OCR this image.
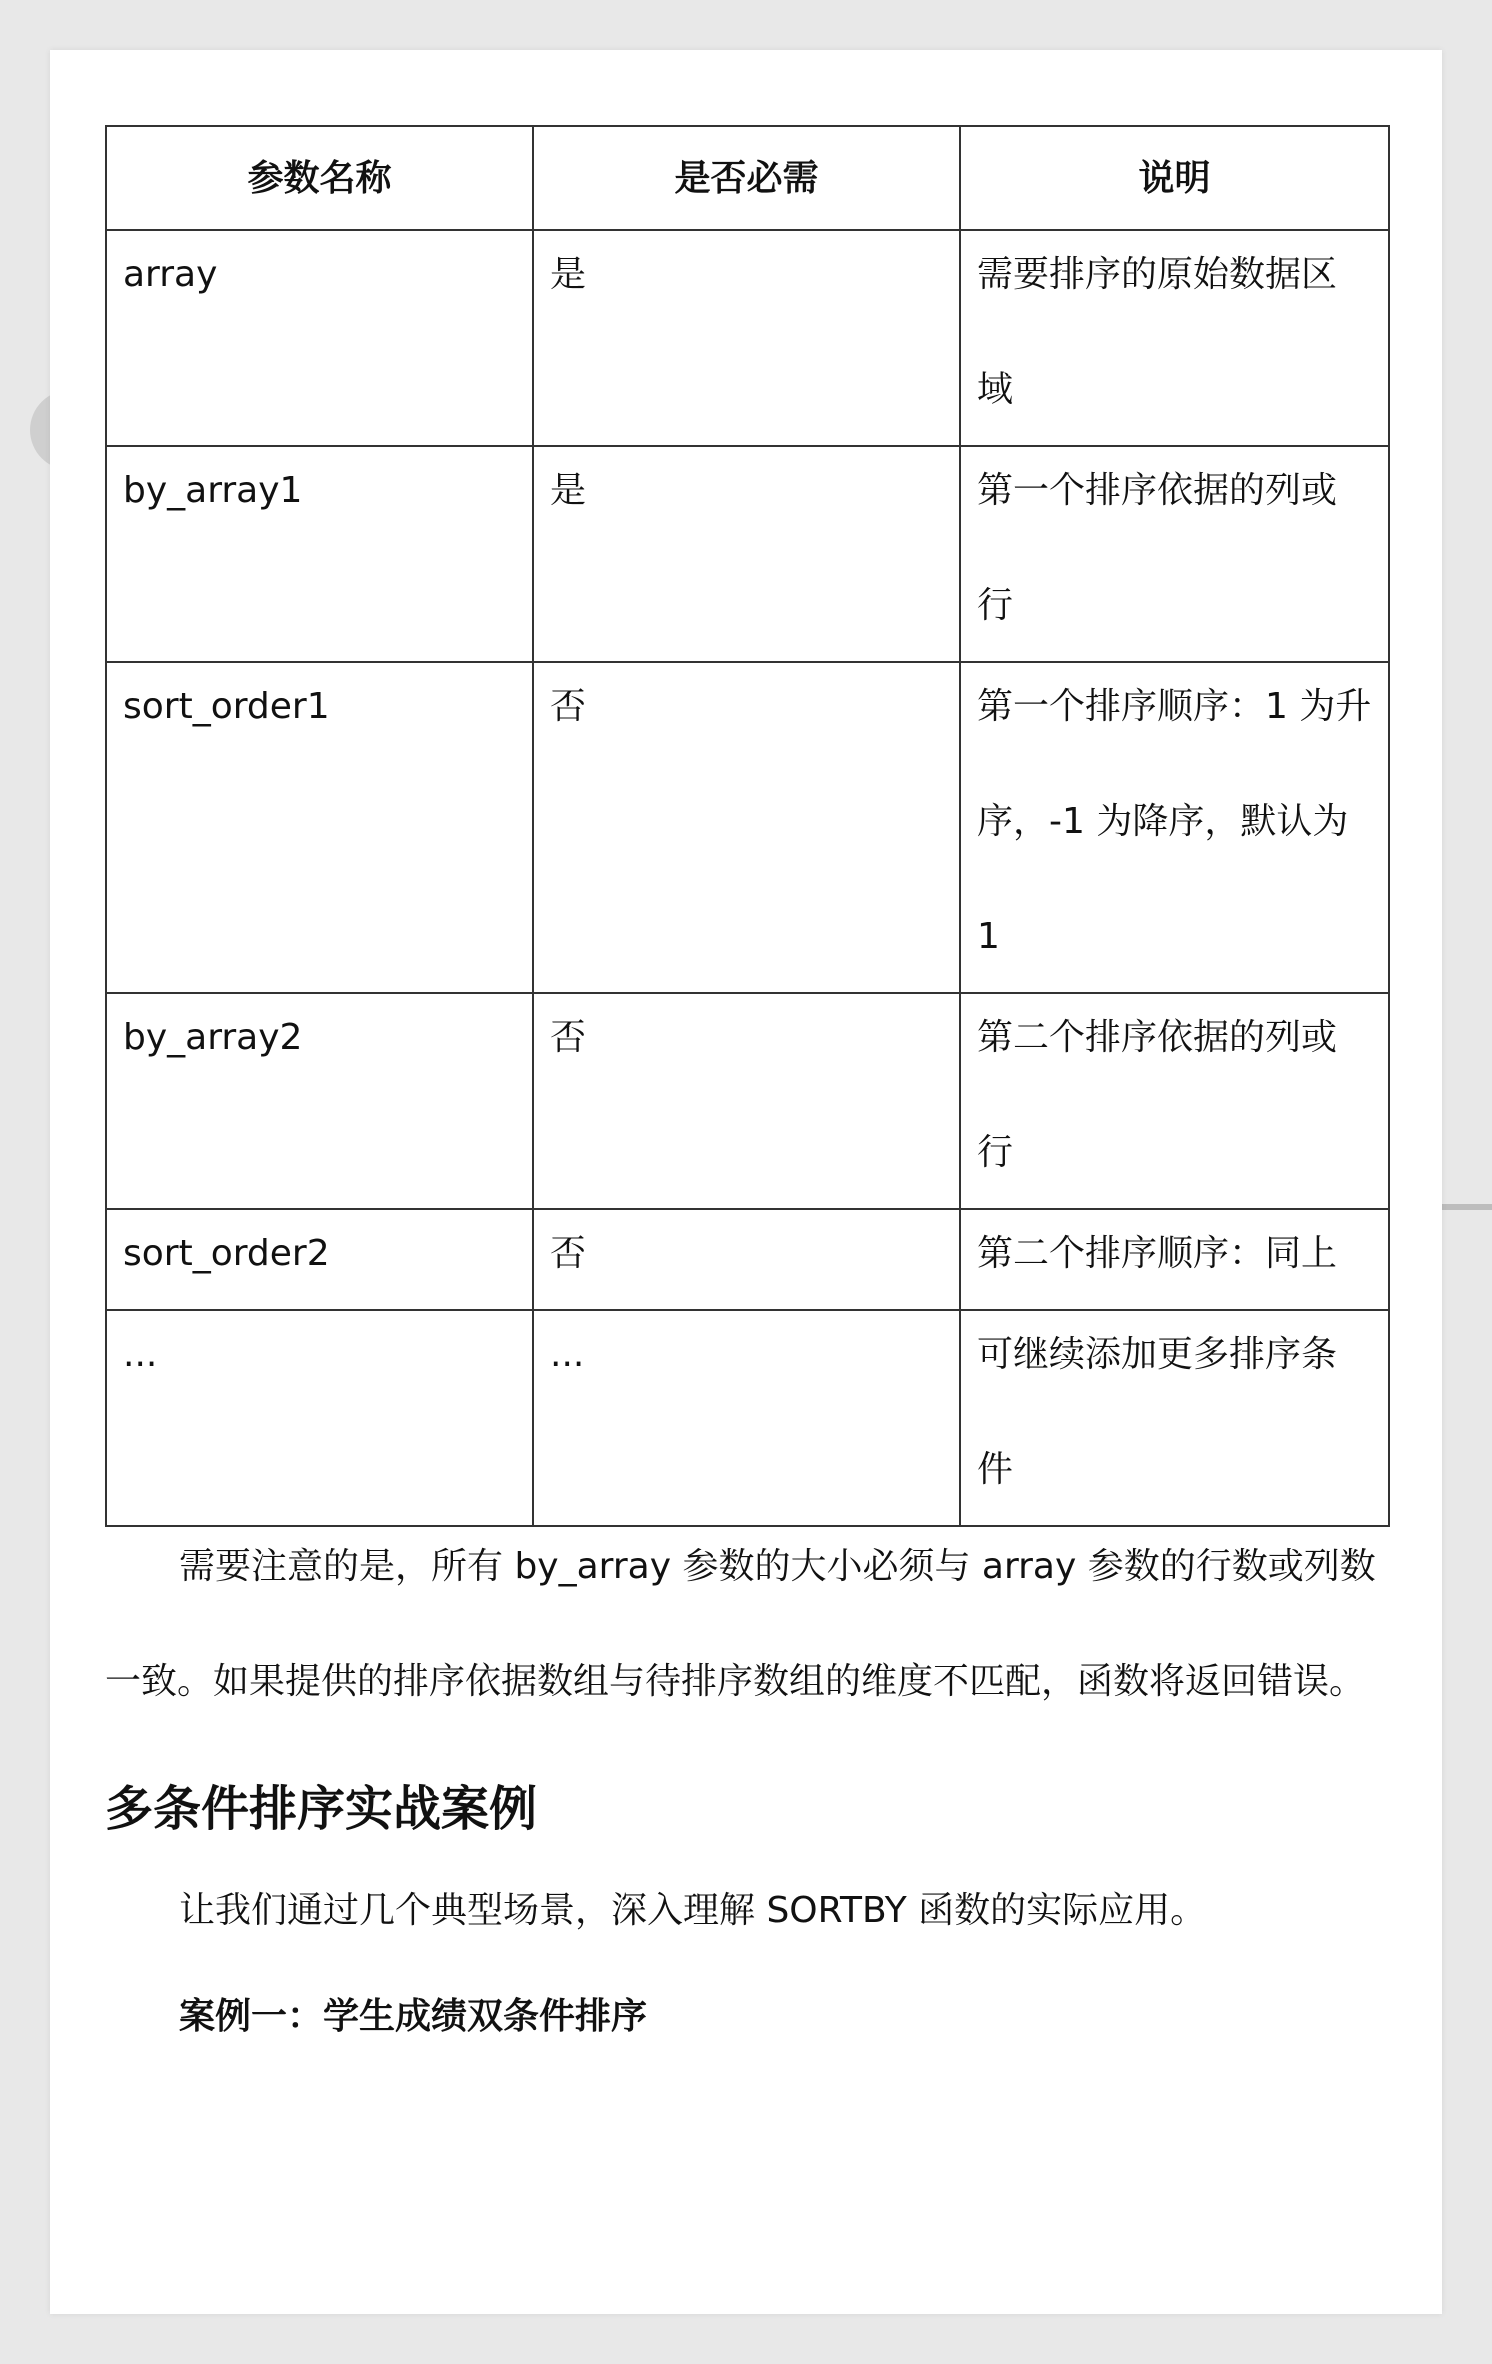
参数名称	是否必需	说明

array	是	需要排序的原始数据区域

by_array1	是	第一个排序依据的列或行

sort_order1	否	第一个排序顺序：1 为升序，-1 为降序，默认为 1

by_array2	否	第二个排序依据的列或行

sort_order2	否	第二个排序顺序：同上

...	...	可继续添加更多排序条件

需要注意的是，所有 by_array 参数的大小必须与 array 参数的行数或列数一致。如果提供的排序依据数组与待排序数组的维度不匹配，函数将返回错误。

多条件排序实战案例

让我们通过几个典型场景，深入理解 SORTBY 函数的实际应用。

案例一：学生成绩双条件排序
